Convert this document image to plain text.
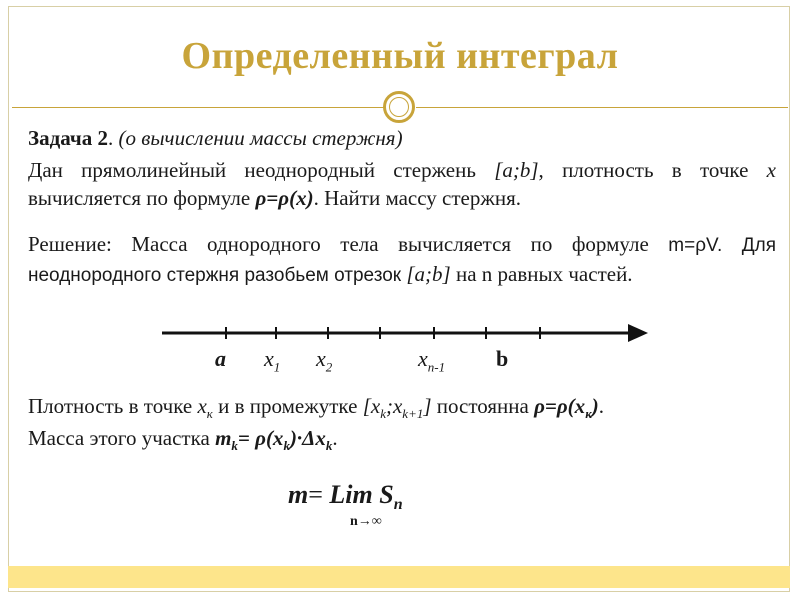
Определенный интеграл
Задача 2. (о вычислении массы стержня)
Дан прямолинейный неоднородный стержень [a;b], плотность в точке x вычисляется по формуле ρ=ρ(x). Найти массу стержня.
Решение: Масса однородного тела вычисляется по формуле m=ρV. Для неоднородного стержня разобьем отрезок [a;b] на n равных частей.
a $x_1$ $x_2$	$x_{n-1}$ b
Плотность в точке $x_к$ и в промежутке $[x_k;x_{k+1}]$ постоянна $\rho=\rho(x_к)$.
Масса этого участка $m_k= \rho(x_k)\cdot\Delta x_k$.
m= Lim $S_n$
n→∞
